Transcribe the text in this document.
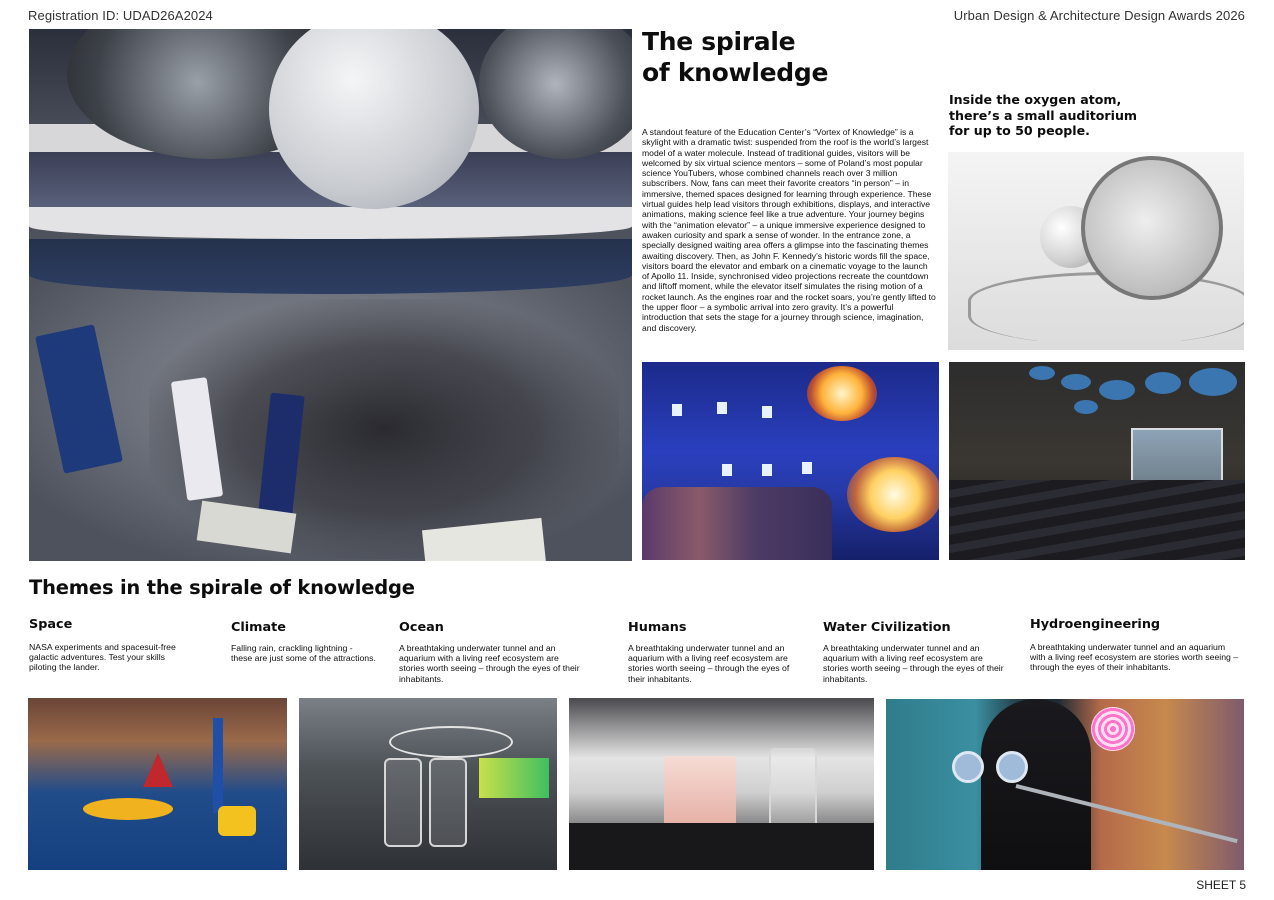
Registration ID: UDAD26A2024	Urban Design & Architecture Design Awards 2026
The spirale
of knowledge

A standout feature of the Education Center’s “Vortex of Knowledge” is a skylight with a dramatic twist: suspended from the roof is the world’s largest model of a water molecule. Instead of traditional guides, visitors will be welcomed by six virtual science mentors – some of Poland’s most popular science YouTubers, whose combined channels reach over 3 million subscribers. Now, fans can meet their favorite creators “in person” – in immersive, themed spaces designed for learning through experience. These virtual guides help lead visitors through exhibitions, displays, and interactive animations, making science feel like a true adventure. Your journey begins with the “animation elevator” – a unique immersive experience designed to awaken curiosity and spark a sense of wonder. In the entrance zone, a specially designed waiting area offers a glimpse into the fascinating themes awaiting discovery. Then, as John F. Kennedy’s historic words fill the space, visitors board the elevator and embark on a cinematic voyage to the launch of Apollo 11. Inside, synchronised video projections recreate the countdown and liftoff moment, while the elevator itself simulates the rising motion of a rocket launch. As the engines roar and the rocket soars, you’re gently lifted to the upper floor – a symbolic arrival into zero gravity. It’s a powerful introduction that sets the stage for a journey through science, imagination, and discovery.

Inside the oxygen atom,
there’s a small auditorium
for up to 50 people.
Themes in the spirale of knowledge
Space

NASA experiments and spacesuit-free galactic adventures. Test your skills piloting the lander.

Climate

Falling rain, crackling lightning - these are just some of the attractions.

Ocean

A breathtaking underwater tunnel and an aquarium with a living reef ecosystem are stories worth seeing – through the eyes of their inhabitants.

Humans

A breathtaking underwater tunnel and an aquarium with a living reef ecosystem are stories worth seeing – through the eyes of their inhabitants.

Water Civilization

A breathtaking underwater tunnel and an aquarium with a living reef ecosystem are stories worth seeing – through the eyes of their inhabitants.

Hydroengineering

A breathtaking underwater tunnel and an aquarium with a living reef ecosystem are stories worth seeing – through the eyes of their inhabitants.

SHEET 5
